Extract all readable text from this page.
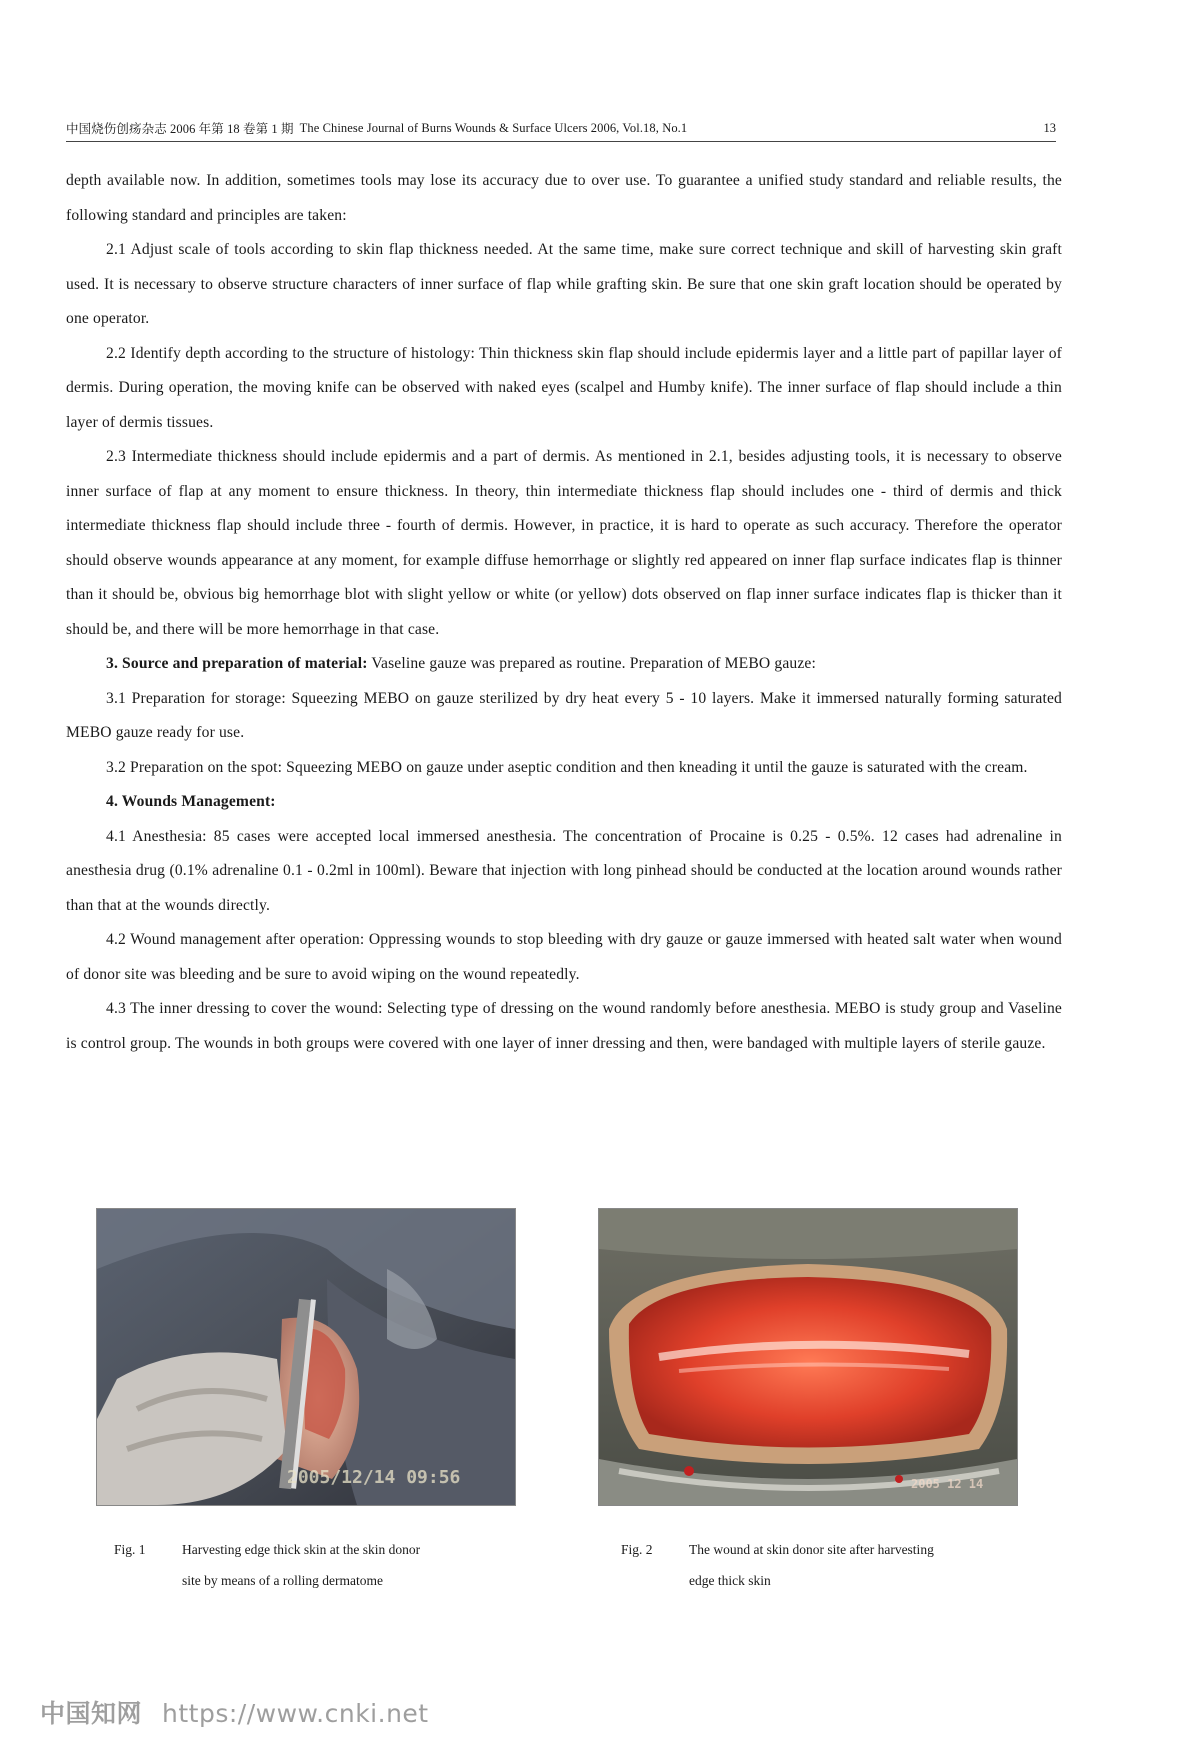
中国烧伤创疡杂志 2006 年第 18 卷第 1 期 The Chinese Journal of Burns Wounds & Surface Ulcers 2006, Vol.18, No.1	13

depth available now. In addition, sometimes tools may lose its accuracy due to over use. To guarantee a unified study standard and reliable results, the following standard and principles are taken:

2.1 Adjust scale of tools according to skin flap thickness needed. At the same time, make sure correct technique and skill of harvesting skin graft used. It is necessary to observe structure characters of inner surface of flap while grafting skin. Be sure that one skin graft location should be operated by one operator.

2.2 Identify depth according to the structure of histology: Thin thickness skin flap should include epidermis layer and a little part of papillar layer of dermis. During operation, the moving knife can be observed with naked eyes (scalpel and Humby knife). The inner surface of flap should include a thin layer of dermis tissues.

2.3 Intermediate thickness should include epidermis and a part of dermis. As mentioned in 2.1, besides adjusting tools, it is necessary to observe inner surface of flap at any moment to ensure thickness. In theory, thin intermediate thickness flap should includes one - third of dermis and thick intermediate thickness flap should include three - fourth of dermis. However, in practice, it is hard to operate as such accuracy. Therefore the operator should observe wounds appearance at any moment, for example diffuse hemorrhage or slightly red appeared on inner flap surface indicates flap is thinner than it should be, obvious big hemorrhage blot with slight yellow or white (or yellow) dots observed on flap inner surface indicates flap is thicker than it should be, and there will be more hemorrhage in that case.

3. Source and preparation of material: Vaseline gauze was prepared as routine. Preparation of MEBO gauze:

3.1 Preparation for storage: Squeezing MEBO on gauze sterilized by dry heat every 5 - 10 layers. Make it immersed naturally forming saturated MEBO gauze ready for use.

3.2 Preparation on the spot: Squeezing MEBO on gauze under aseptic condition and then kneading it until the gauze is saturated with the cream.

4. Wounds Management:

4.1 Anesthesia: 85 cases were accepted local immersed anesthesia. The concentration of Procaine is 0.25 - 0.5%. 12 cases had adrenaline in anesthesia drug (0.1% adrenaline 0.1 - 0.2ml in 100ml). Beware that injection with long pinhead should be conducted at the location around wounds rather than that at the wounds directly.

4.2 Wound management after operation: Oppressing wounds to stop bleeding with dry gauze or gauze immersed with heated salt water when wound of donor site was bleeding and be sure to avoid wiping on the wound repeatedly.

4.3 The inner dressing to cover the wound: Selecting type of dressing on the wound randomly before anesthesia. MEBO is study group and Vaseline is control group. The wounds in both groups were covered with one layer of inner dressing and then, were bandaged with multiple layers of sterile gauze.

2005/12/14 09:56
Fig. 1	Harvesting edge thick skin at the skin donor
site by means of a rolling dermatome
2005 12 14
Fig. 2	The wound at skin donor site after harvesting
edge thick skin
中国知网 https://www.cnki.net
